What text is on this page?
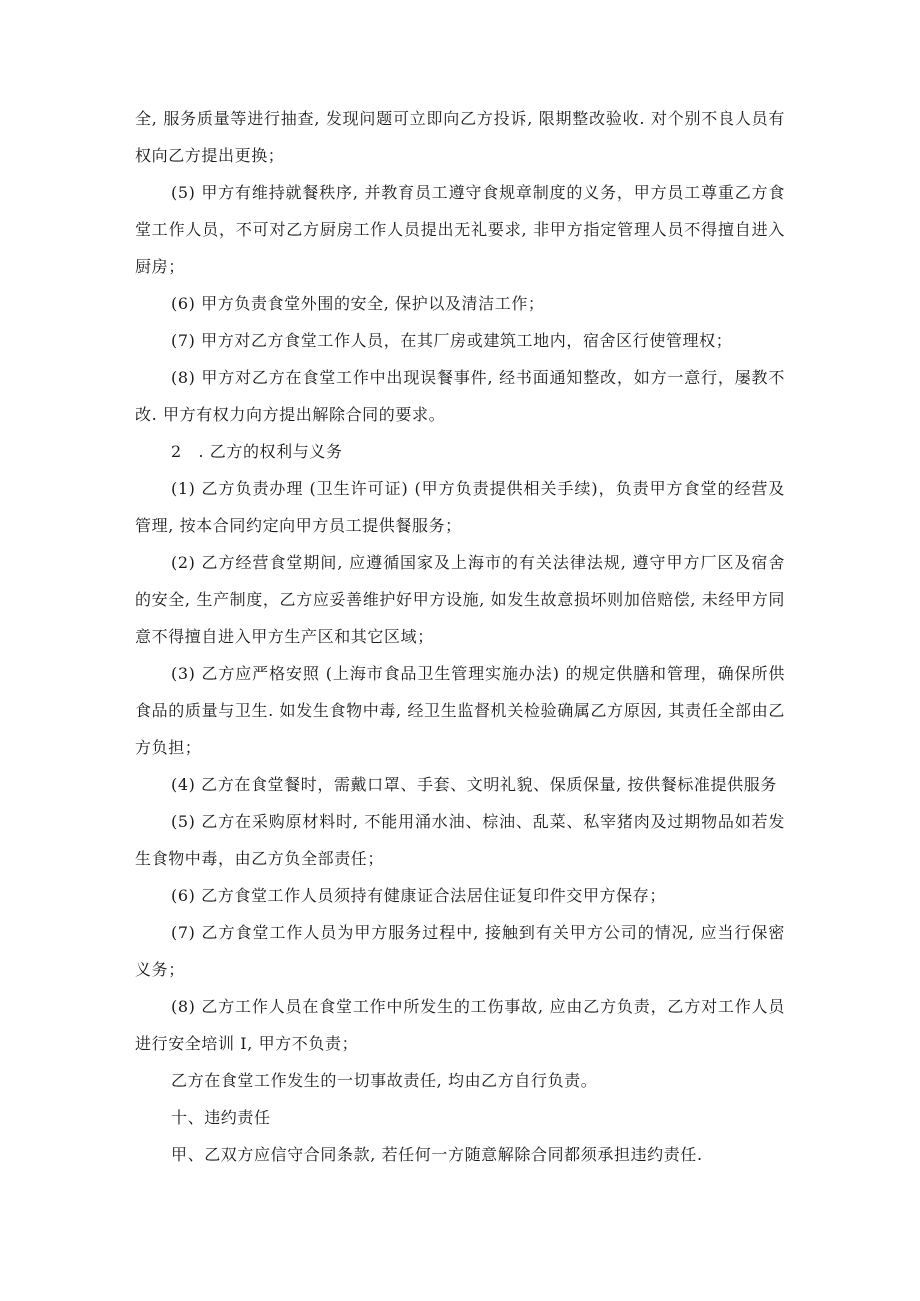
全, 服务质量等进行抽查, 发现问题可立即向乙方投诉, 限期整改验收. 对个别不良人员有权向乙方提出更换；

(5) 甲方有维持就餐秩序, 并教育员工遵守食规章制度的义务，甲方员工尊重乙方食堂工作人员，不可对乙方厨房工作人员提出无礼要求, 非甲方指定管理人员不得擅自进入厨房；

(6) 甲方负责食堂外围的安全, 保护以及清洁工作；

(7) 甲方对乙方食堂工作人员，在其厂房或建筑工地内，宿舍区行使管理权；

(8) 甲方对乙方在食堂工作中出现误餐事件, 经书面通知整改，如方一意行，屡教不改. 甲方有权力向方提出解除合同的要求。

2　. 乙方的权利与义务

(1) 乙方负责办理 (卫生许可证) (甲方负责提供相关手续)，负责甲方食堂的经营及管理, 按本合同约定向甲方员工提供餐服务；

(2) 乙方经营食堂期间, 应遵循国家及上海市的有关法律法规, 遵守甲方厂区及宿舍的安全, 生产制度，乙方应妥善维护好甲方设施, 如发生故意损坏则加倍赔偿, 未经甲方同意不得擅自进入甲方生产区和其它区域；

(3) 乙方应严格安照 (上海市食品卫生管理实施办法) 的规定供膳和管理，确保所供食品的质量与卫生. 如发生食物中毒, 经卫生监督机关检验确属乙方原因, 其责任全部由乙方负担；

(4) 乙方在食堂餐时，需戴口罩、手套、文明礼貌、保质保量, 按供餐标准提供服务

(5) 乙方在采购原材料时, 不能用涌水油、棕油、乱菜、私宰猪肉及过期物品如若发生食物中毒，由乙方负全部责任；

(6) 乙方食堂工作人员须持有健康证合法居住证复印件交甲方保存；

(7) 乙方食堂工作人员为甲方服务过程中, 接触到有关甲方公司的情况, 应当行保密义务；

(8) 乙方工作人员在食堂工作中所发生的工伤事故, 应由乙方负责，乙方对工作人员进行安全培训 I, 甲方不负责；

乙方在食堂工作发生的一切事故责任, 均由乙方自行负责。

十、违约责任

甲、乙双方应信守合同条款, 若任何一方随意解除合同都须承担违约责任.
